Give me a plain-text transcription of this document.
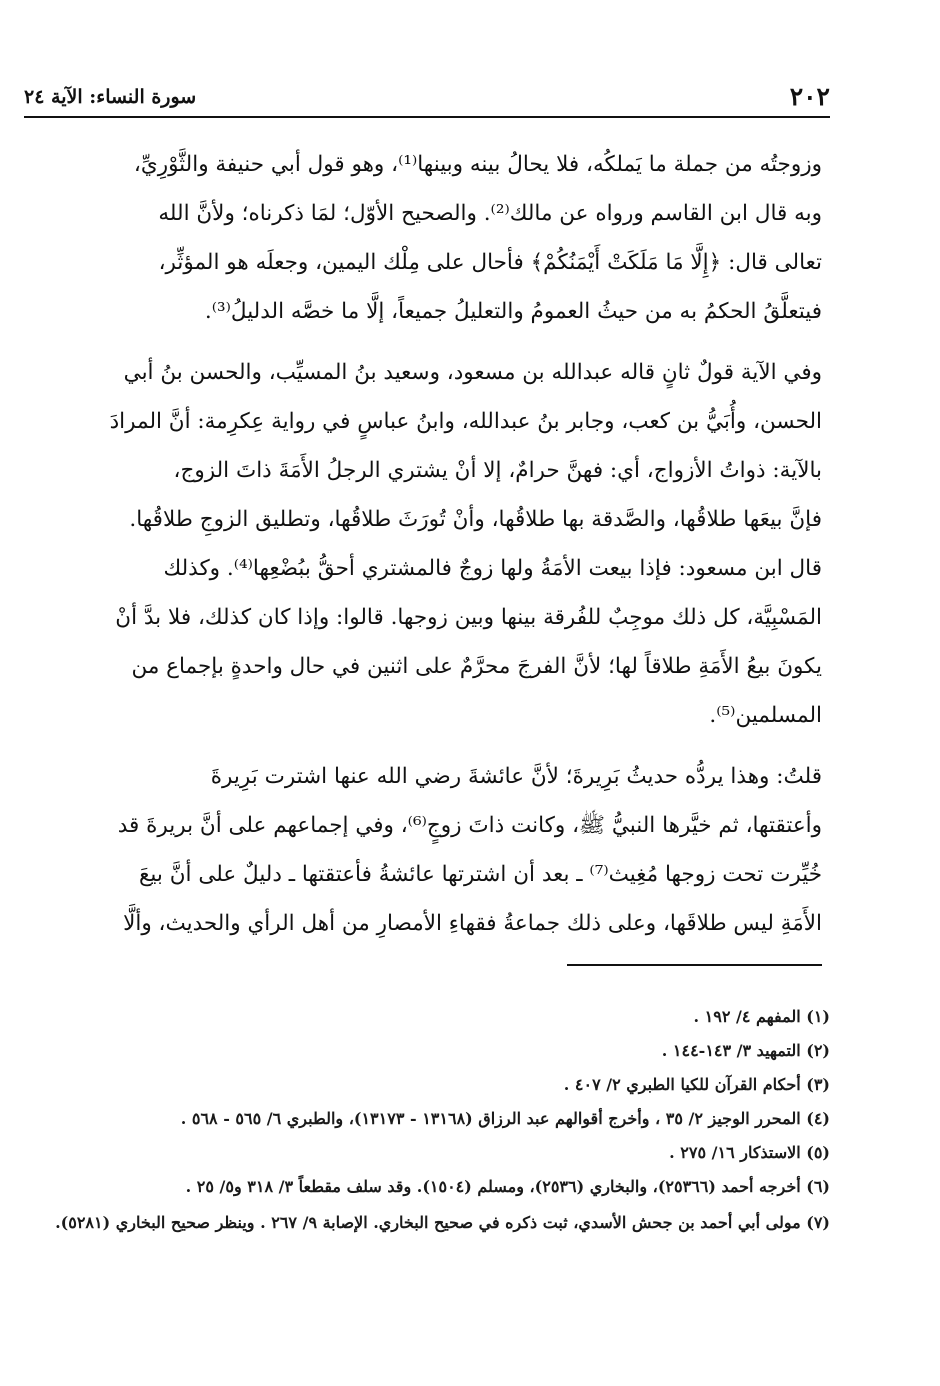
٢٠٢
سورة النساء: الآية ٢٤
وزوجتُه من جملة ما يَملكُه، فلا يحالُ بينه وبينها⁽¹⁾، وهو قول أبي حنيفة والثَّوْرِيِّ،
وبه قال ابن القاسم ورواه عن مالك⁽²⁾. والصحيح الأوّل؛ لمَا ذكرناه؛ ولأنَّ الله
تعالى قال: ﴿إِلَّا مَا مَلَكَتْ أَيْمَنُكُمْ﴾ فأحال على مِلْك اليمين، وجعلَه هو المؤثِّر،
فيتعلَّقُ الحكمُ به من حيثُ العمومُ والتعليلُ جميعاً، إلَّا ما خصَّه الدليلُ⁽³⁾.
وفي الآية قولٌ ثانٍ قاله عبدالله بن مسعود، وسعيد بنُ المسيِّب، والحسن بنُ أبي
الحسن، وأُبَيُّ بن كعب، وجابر بنُ عبدالله، وابنُ عباسٍ في رواية عِكرِمة: أنَّ المرادَ
بالآية: ذواتُ الأزواج، أي: فهنَّ حرامٌ، إلا أنْ يشتري الرجلُ الأَمَةَ ذاتَ الزوج،
فإنَّ بيعَها طلاقُها، والصَّدقة بها طلاقُها، وأنْ تُورَثَ طلاقُها، وتطليق الزوجِ طلاقُها.
قال ابن مسعود: فإذا بيعت الأمَةُ ولها زوجٌ فالمشتري أحقُّ ببُضْعِها⁽⁴⁾. وكذلك
المَسْبِيَّة، كل ذلك موجِبٌ للفُرقة بينها وبين زوجها. قالوا: وإذا كان كذلك، فلا بدَّ أنْ
يكونَ بيعُ الأَمَةِ طلاقاً لها؛ لأنَّ الفرجَ محرَّمٌ على اثنين في حال واحدةٍ بإجماع من
المسلمين⁽⁵⁾.
قلتُ: وهذا يردُّه حديثُ بَرِيرةَ؛ لأنَّ عائشةَ رضي الله عنها اشترت بَرِيرةَ
وأعتقتها، ثم خيَّرها النبيُّ ﷺ، وكانت ذاتَ زوجٍ⁽⁶⁾، وفي إجماعهم على أنَّ بريرةَ قد
خُيِّرت تحت زوجها مُغِيث⁽⁷⁾ ـ بعد أن اشترتها عائشةُ فأعتقتها ـ دليلٌ على أنَّ بيعَ
الأَمَةِ ليس طلاقَها، وعلى ذلك جماعةُ فقهاءِ الأمصارِ من أهل الرأي والحديث، وألَّا
(١) المفهم ٤/ ١٩٢ .
(٢) التمهيد ٣/ ١٤٣-١٤٤ .
(٣) أحكام القرآن للكيا الطبري ٢/ ٤٠٧ .
(٤) المحرر الوجيز ٢/ ٣٥ ، وأخرج أقوالهم عبد الرزاق (١٣١٦٨ - ١٣١٧٣)، والطبري ٦/ ٥٦٥ - ٥٦٨ .
(٥) الاستذكار ١٦/ ٢٧٥ .
(٦) أخرجه أحمد (٢٥٣٦٦)، والبخاري (٢٥٣٦)، ومسلم (١٥٠٤). وقد سلف مقطعاً ٣/ ٣١٨ و٥/ ٢٥ .
(٧) مولى أبي أحمد بن جحش الأسدي، ثبت ذكره في صحيح البخاري. الإصابة ٩/ ٢٦٧ . وينظر صحيح البخاري (٥٢٨١).
